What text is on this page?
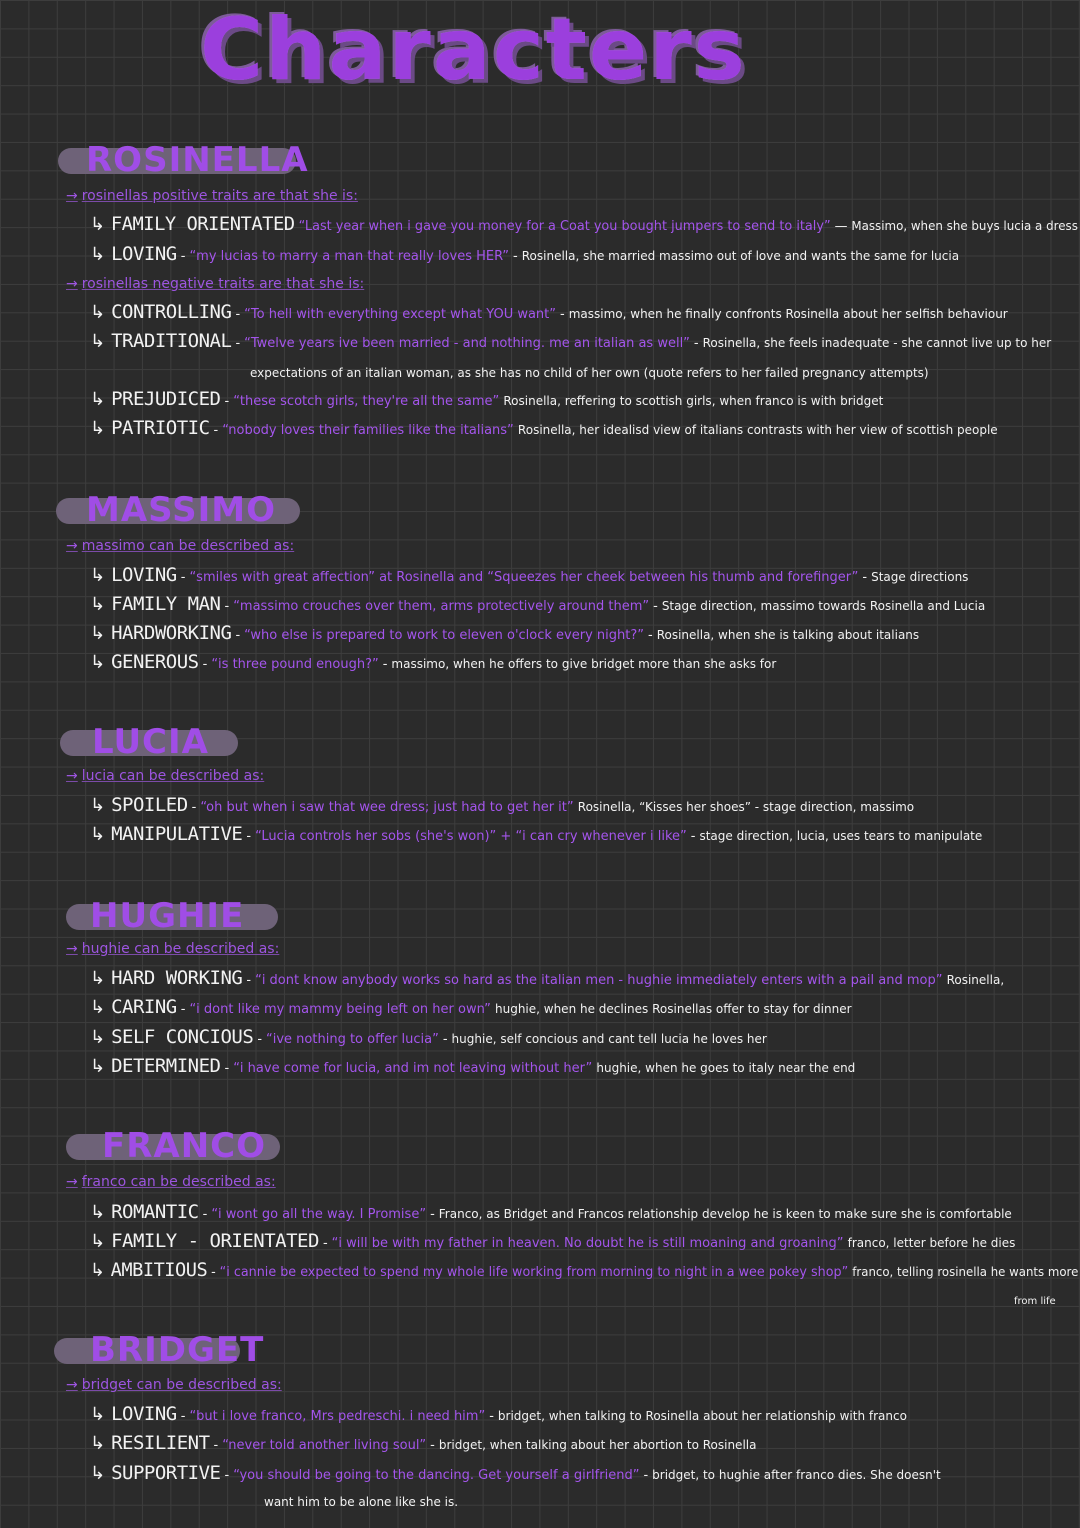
Characters
ROSINELLA
→ rosinellas positive traits are that she is:
↳ FAMILY ORIENTATED “Last year when i gave you money for a Coat you bought jumpers to send to italy” — Massimo, when she buys lucia a dress
↳ LOVING - “my lucias to marry a man that really loves HER” - Rosinella, she married massimo out of love and wants the same for lucia
→ rosinellas negative traits are that she is:
↳ CONTROLLING - “To hell with everything except what YOU want” - massimo, when he finally confronts Rosinella about her selfish behaviour
↳ TRADITIONAL - “Twelve years ive been married - and nothing. me an italian as well” - Rosinella, she feels inadequate - she cannot live up to her
expectations of an italian woman, as she has no child of her own (quote refers to her failed pregnancy attempts)
↳ PREJUDICED - “these scotch girls, they're all the same” Rosinella, reffering to scottish girls, when franco is with bridget
↳ PATRIOTIC - “nobody loves their families like the italians” Rosinella, her idealisd view of italians contrasts with her view of scottish people
MASSIMO
→ massimo can be described as:
↳ LOVING - “smiles with great affection” at Rosinella and “Squeezes her cheek between his thumb and forefinger” - Stage directions
↳ FAMILY MAN - “massimo crouches over them, arms protectively around them” - Stage direction, massimo towards Rosinella and Lucia
↳ HARDWORKING - “who else is prepared to work to eleven o'clock every night?” - Rosinella, when she is talking about italians
↳ GENEROUS - “is three pound enough?” - massimo, when he offers to give bridget more than she asks for
LUCIA
→ lucia can be described as:
↳ SPOILED - “oh but when i saw that wee dress; just had to get her it” Rosinella, “Kisses her shoes” - stage direction, massimo
↳ MANIPULATIVE - “Lucia controls her sobs (she's won)” + “i can cry whenever i like” - stage direction, lucia, uses tears to manipulate
HUGHIE
→ hughie can be described as:
↳ HARD WORKING - “i dont know anybody works so hard as the italian men - hughie immediately enters with a pail and mop” Rosinella,
↳ CARING - “i dont like my mammy being left on her own” hughie, when he declines Rosinellas offer to stay for dinner
↳ SELF CONCIOUS - “ive nothing to offer lucia” - hughie, self concious and cant tell lucia he loves her
↳ DETERMINED - “i have come for lucia, and im not leaving without her” hughie, when he goes to italy near the end
FRANCO
→ franco can be described as:
↳ ROMANTIC - “i wont go all the way. I Promise” - Franco, as Bridget and Francos relationship develop he is keen to make sure she is comfortable
↳ FAMILY - ORIENTATED - “i will be with my father in heaven. No doubt he is still moaning and groaning” franco, letter before he dies
↳ AMBITIOUS - “i cannie be expected to spend my whole life working from morning to night in a wee pokey shop” franco, telling rosinella he wants more
from life
BRIDGET
→ bridget can be described as:
↳ LOVING - “but i love franco, Mrs pedreschi. i need him” - bridget, when talking to Rosinella about her relationship with franco
↳ RESILIENT - “never told another living soul” - bridget, when talking about her abortion to Rosinella
↳ SUPPORTIVE - “you should be going to the dancing. Get yourself a girlfriend” - bridget, to hughie after franco dies. She doesn't
want him to be alone like she is.
